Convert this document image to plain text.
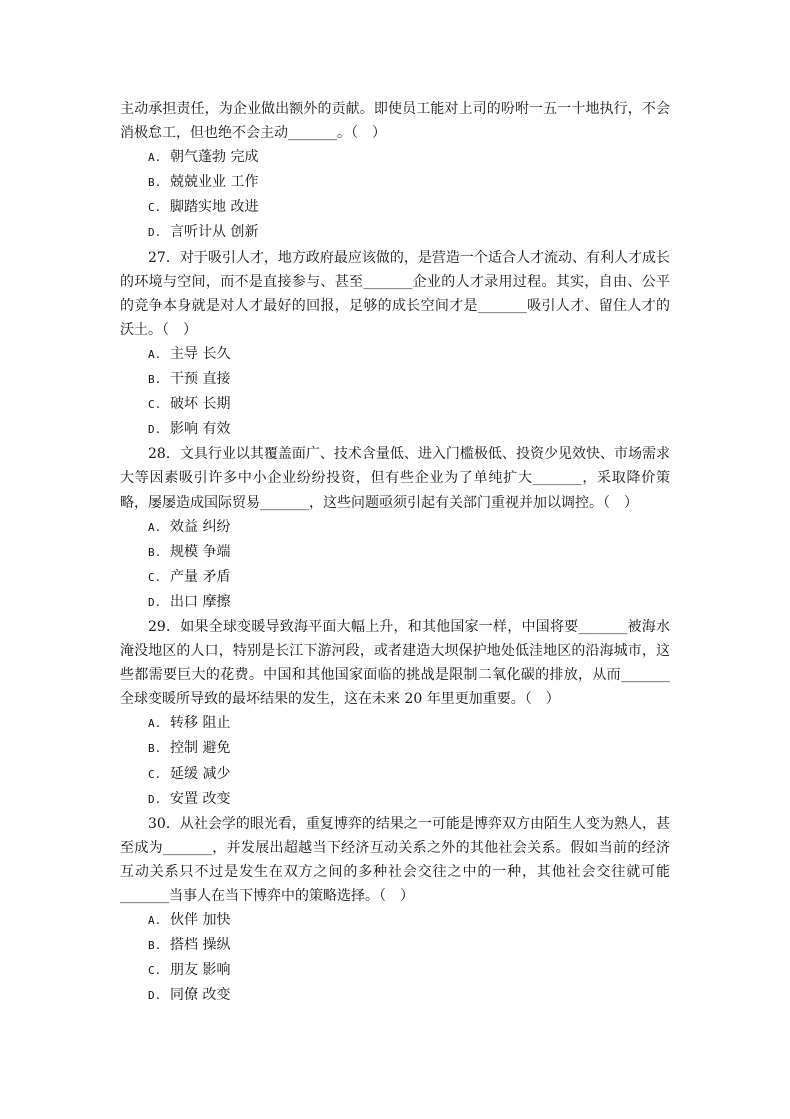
主动承担责任，为企业做出额外的贡献。即使员工能对上司的吩咐一五一十地执行，不会消极怠工，但也绝不会主动_______。（　）

A. 朝气蓬勃 完成

B. 兢兢业业 工作

C. 脚踏实地 改进

D. 言听计从 创新

27．对于吸引人才，地方政府最应该做的，是营造一个适合人才流动、有利人才成长的环境与空间，而不是直接参与、甚至_______企业的人才录用过程。其实，自由、公平的竞争本身就是对人才最好的回报，足够的成长空间才是_______吸引人才、留住人才的沃土。（　）

A. 主导 长久

B. 干预 直接

C. 破坏 长期

D. 影响 有效

28．文具行业以其覆盖面广、技术含量低、进入门槛极低、投资少见效快、市场需求大等因素吸引许多中小企业纷纷投资，但有些企业为了单纯扩大_______，采取降价策略，屡屡造成国际贸易_______，这些问题亟须引起有关部门重视并加以调控。（　）

A. 效益 纠纷

B. 规模 争端

C. 产量 矛盾

D. 出口 摩擦

29．如果全球变暖导致海平面大幅上升，和其他国家一样，中国将要_______被海水淹没地区的人口，特别是长江下游河段，或者建造大坝保护地处低洼地区的沿海城市，这些都需要巨大的花费。中国和其他国家面临的挑战是限制二氧化碳的排放，从而_______全球变暖所导致的最坏结果的发生，这在未来 20 年里更加重要。（　）

A. 转移 阻止

B. 控制 避免

C. 延缓 减少

D. 安置 改变

30．从社会学的眼光看，重复博弈的结果之一可能是博弈双方由陌生人变为熟人，甚至成为_______，并发展出超越当下经济互动关系之外的其他社会关系。假如当前的经济互动关系只不过是发生在双方之间的多种社会交往之中的一种，其他社会交往就可能_______当事人在当下博弈中的策略选择。（　）

A. 伙伴 加快

B. 搭档 操纵

C. 朋友 影响

D. 同僚 改变
